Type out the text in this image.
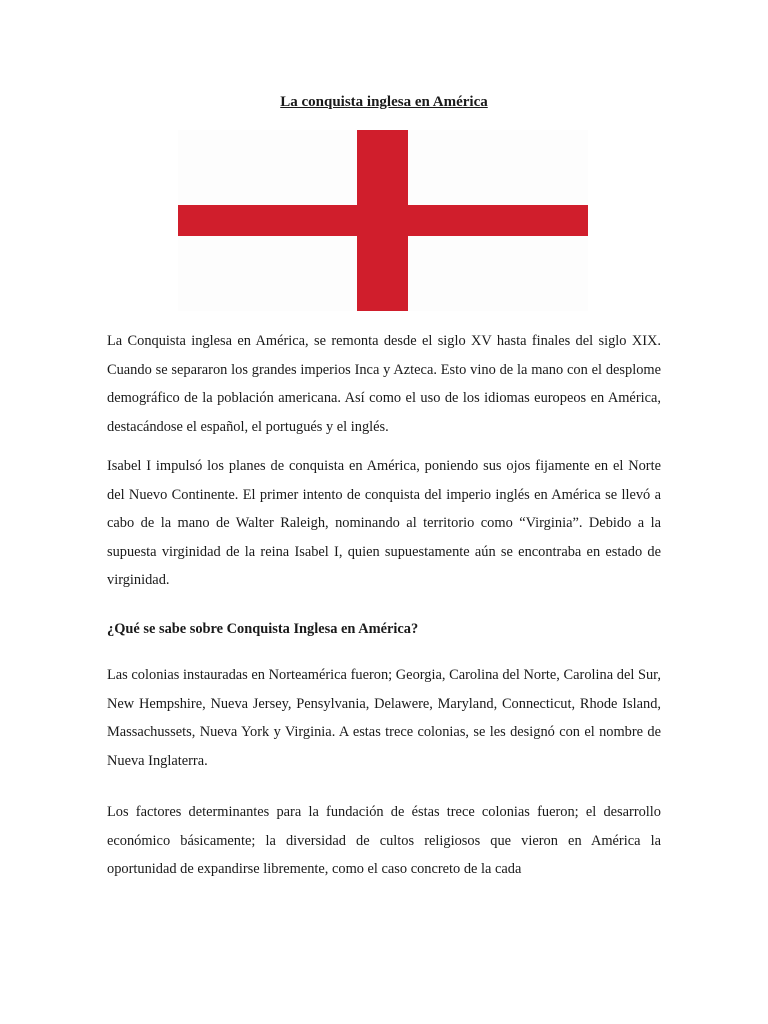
La conquista inglesa en América

La Conquista inglesa en América, se remonta desde el siglo XV hasta finales del siglo XIX. Cuando se separaron los grandes imperios Inca y Azteca. Esto vino de la mano con el desplome demográfico de la población americana. Así como el uso de los idiomas europeos en América, destacándose el español, el portugués y el inglés.

Isabel I impulsó los planes de conquista en América, poniendo sus ojos fijamente en el Norte del Nuevo Continente. El primer intento de conquista del imperio inglés en América se llevó a cabo de la mano de Walter Raleigh, nominando al territorio como “Virginia”. Debido a la supuesta virginidad de la reina Isabel I, quien supuestamente aún se encontraba en estado de virginidad.

¿Qué se sabe sobre Conquista Inglesa en América?

Las colonias instauradas en Norteamérica fueron; Georgia, Carolina del Norte, Carolina del Sur, New Hempshire, Nueva Jersey, Pensylvania, Delawere, Maryland, Connecticut, Rhode Island, Massachussets, Nueva York y Virginia. A estas trece colonias, se les designó con el nombre de Nueva Inglaterra.

Los factores determinantes para la fundación de éstas trece colonias fueron; el desarrollo económico básicamente; la diversidad de cultos religiosos que vieron en América la oportunidad de expandirse libremente, como el caso concreto de la cada
